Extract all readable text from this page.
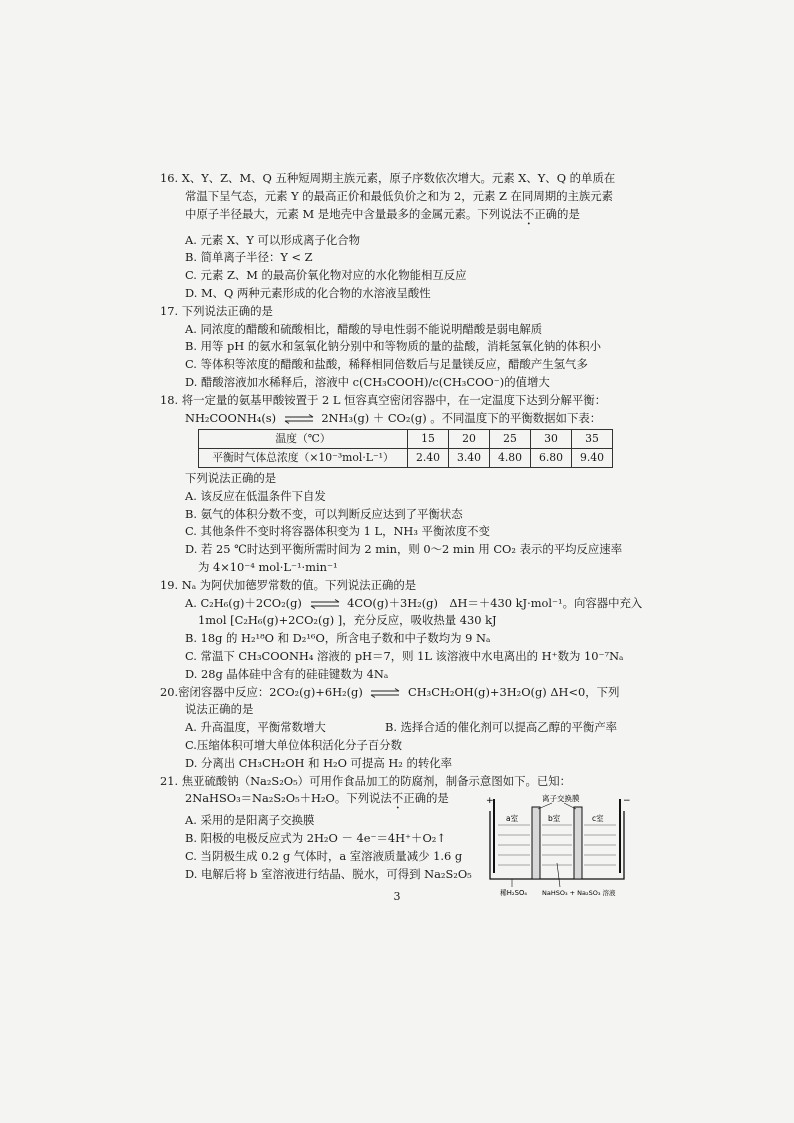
16. X、Y、Z、M、Q 五种短周期主族元素，原子序数依次增大。元素 X、Y、Q 的单质在
常温下呈气态，元素 Y 的最高正价和最低负价之和为 2，元素 Z 在同周期的主族元素
中原子半径最大，元素 M 是地壳中含量最多的金属元素。下列说法不正确的是
A. 元素 X、Y 可以形成离子化合物
B. 简单离子半径：Y < Z
C. 元素 Z、M 的最高价氧化物对应的水化物能相互反应
D. M、Q 两种元素形成的化合物的水溶液呈酸性
17. 下列说法正确的是
A. 同浓度的醋酸和硫酸相比，醋酸的导电性弱不能说明醋酸是弱电解质
B. 用等 pH 的氨水和氢氧化钠分别中和等物质的量的盐酸，消耗氢氧化钠的体积小
C. 等体积等浓度的醋酸和盐酸，稀释相同倍数后与足量镁反应，醋酸产生氢气多
D. 醋酸溶液加水稀释后，溶液中 c(CH₃COOH)/c(CH₃COO⁻)的值增大
18. 将一定量的氨基甲酸铵置于 2 L 恒容真空密闭容器中，在一定温度下达到分解平衡：
NH₂COONH₄(s) ⇌ 2NH₃(g) ＋ CO₂(g) 。不同温度下的平衡数据如下表：
温度（℃）	15	20	25	30	35
平衡时气体总浓度（×10⁻³mol·L⁻¹）	2.40	3.40	4.80	6.80	9.40
下列说法正确的是
A. 该反应在低温条件下自发
B. 氨气的体积分数不变，可以判断反应达到了平衡状态
C. 其他条件不变时将容器体积变为 1 L，NH₃ 平衡浓度不变
D. 若 25 ℃时达到平衡所需时间为 2 min，则 0～2 min 用 CO₂ 表示的平均反应速率
为 4×10⁻⁴ mol·L⁻¹·min⁻¹
19. Nₐ 为阿伏加德罗常数的值。下列说法正确的是
A. C₂H₆(g)＋2CO₂(g) ⇌ 4CO(g)＋3H₂(g)　ΔH＝＋430 kJ·mol⁻¹。向容器中充入
1mol [C₂H₆(g)+2CO₂(g) ]，充分反应，吸收热量 430 kJ
B. 18g 的 H₂¹⁸O 和 D₂¹⁶O，所含电子数和中子数均为 9 Nₐ
C. 常温下 CH₃COONH₄ 溶液的 pH＝7，则 1L 该溶液中水电离出的 H⁺数为 10⁻⁷Nₐ
D. 28g 晶体硅中含有的硅硅键数为 4Nₐ
20.密闭容器中反应：2CO₂(g)+6H₂(g) ⇌ CH₃CH₂OH(g)+3H₂O(g) ΔH<0，下列
说法正确的是
A. 升高温度，平衡常数增大	B. 选择合适的催化剂可以提高乙醇的平衡产率
C.压缩体积可增大单位体积活化分子百分数
D. 分离出 CH₃CH₂OH 和 H₂O 可提高 H₂ 的转化率
21. 焦亚硫酸钠（Na₂S₂O₅）可用作食品加工的防腐剂，制备示意图如下。已知：
2NaHSO₃＝Na₂S₂O₅＋H₂O。下列说法不正确的是
A. 采用的是阳离子交换膜
B. 阳极的电极反应式为 2H₂O － 4e⁻＝4H⁺＋O₂↑
C. 当阴极生成 0.2 g 气体时，a 室溶液质量减少 1.6 g
D. 电解后将 b 室溶液进行结晶、脱水，可得到 Na₂S₂O₅
+	−
离子交换膜
a室	b室	c室
稀H₂SO₄ NaHSO₃ + Na₂SO₃ 溶液
3
